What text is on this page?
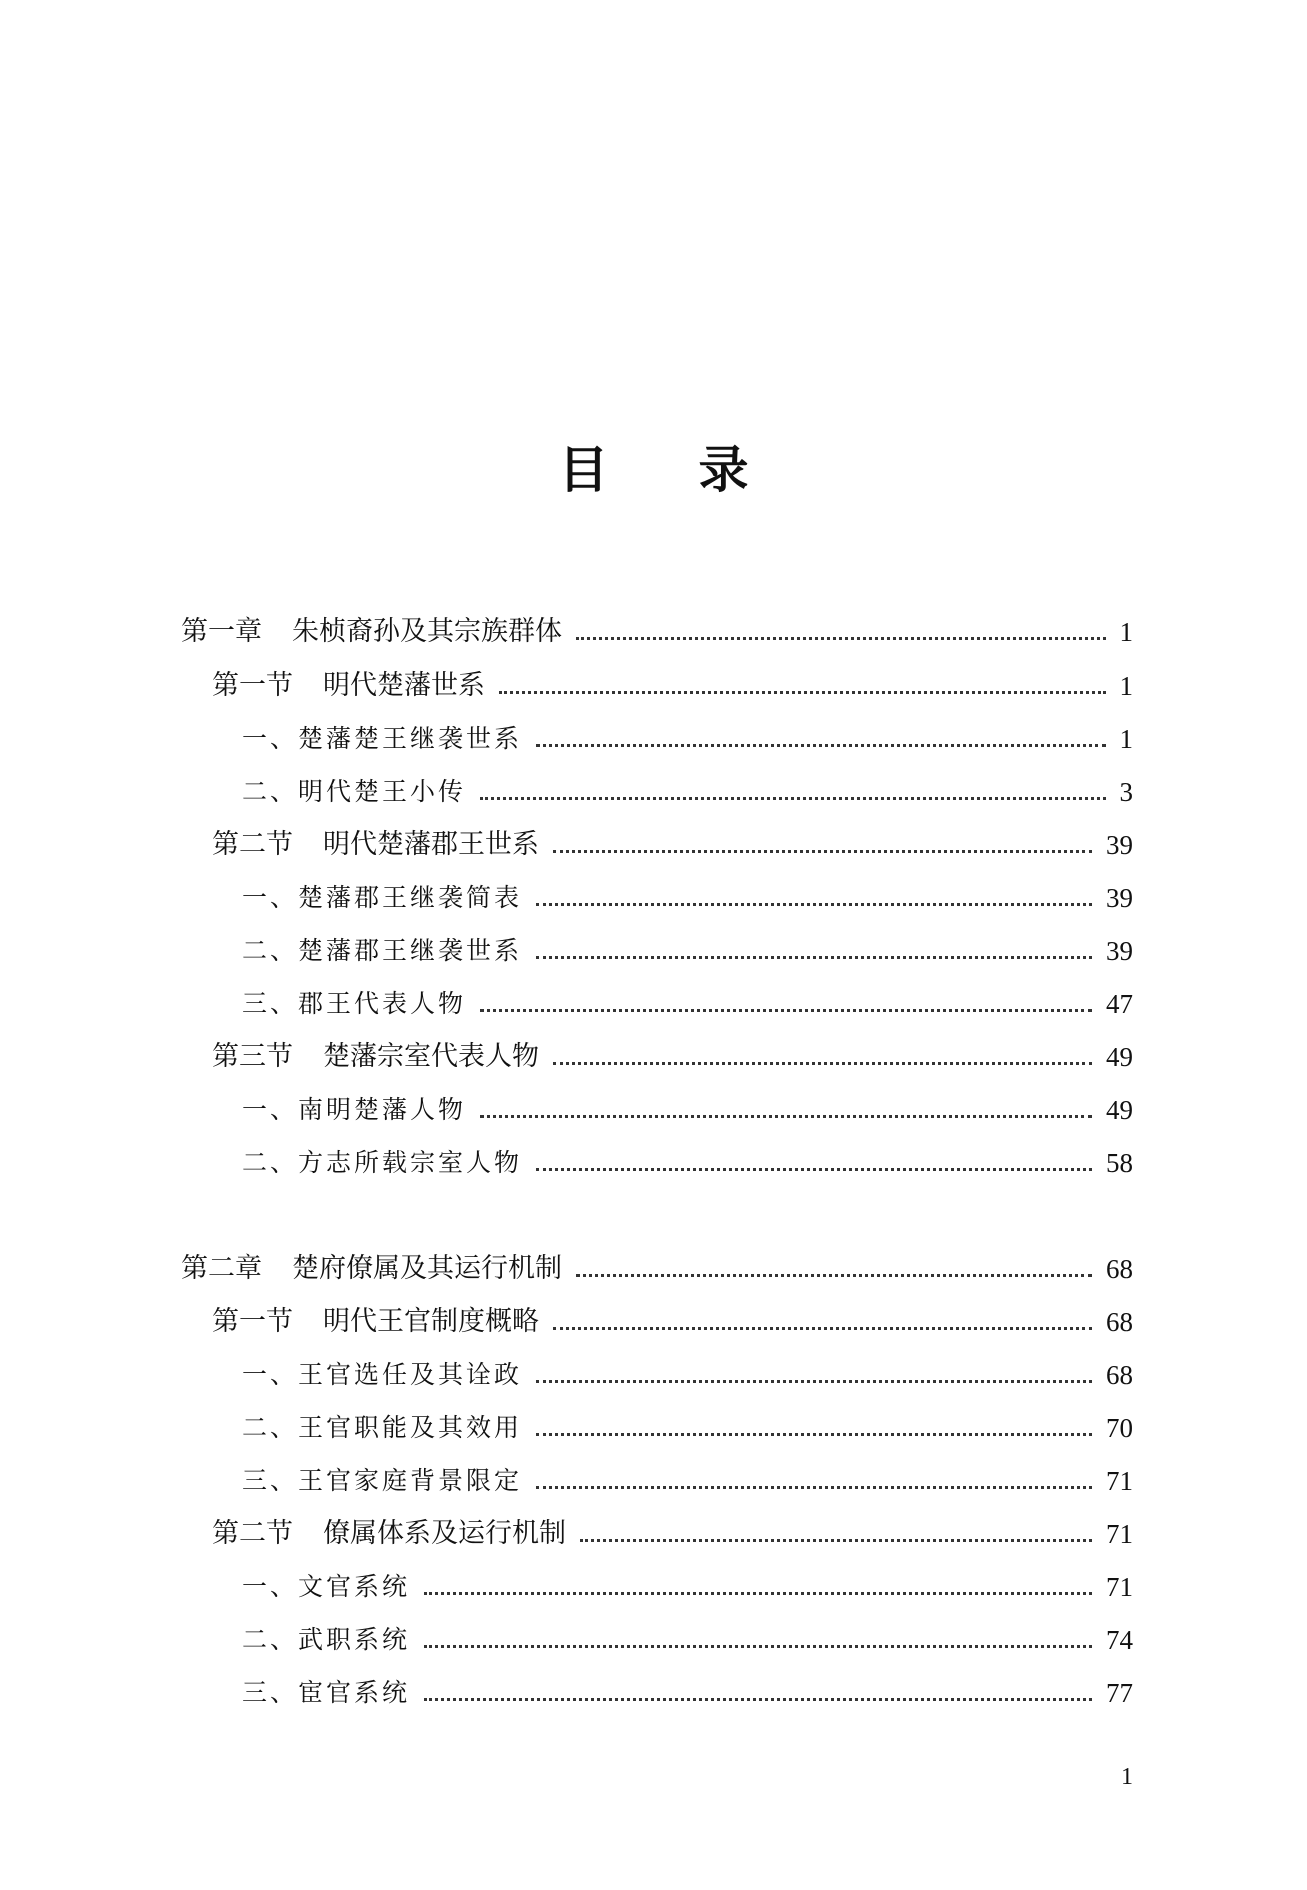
目 录
第一章 朱桢裔孙及其宗族群体	1
第一节 明代楚藩世系	1
一、楚藩楚王继袭世系	1
二、明代楚王小传	3
第二节 明代楚藩郡王世系	39
一、楚藩郡王继袭简表	39
二、楚藩郡王继袭世系	39
三、郡王代表人物	47
第三节 楚藩宗室代表人物	49
一、南明楚藩人物	49
二、方志所载宗室人物	58
第二章 楚府僚属及其运行机制	68
第一节 明代王官制度概略	68
一、王官选任及其诠政	68
二、王官职能及其效用	70
三、王官家庭背景限定	71
第二节 僚属体系及运行机制	71
一、文官系统	71
二、武职系统	74
三、宦官系统	77
1
